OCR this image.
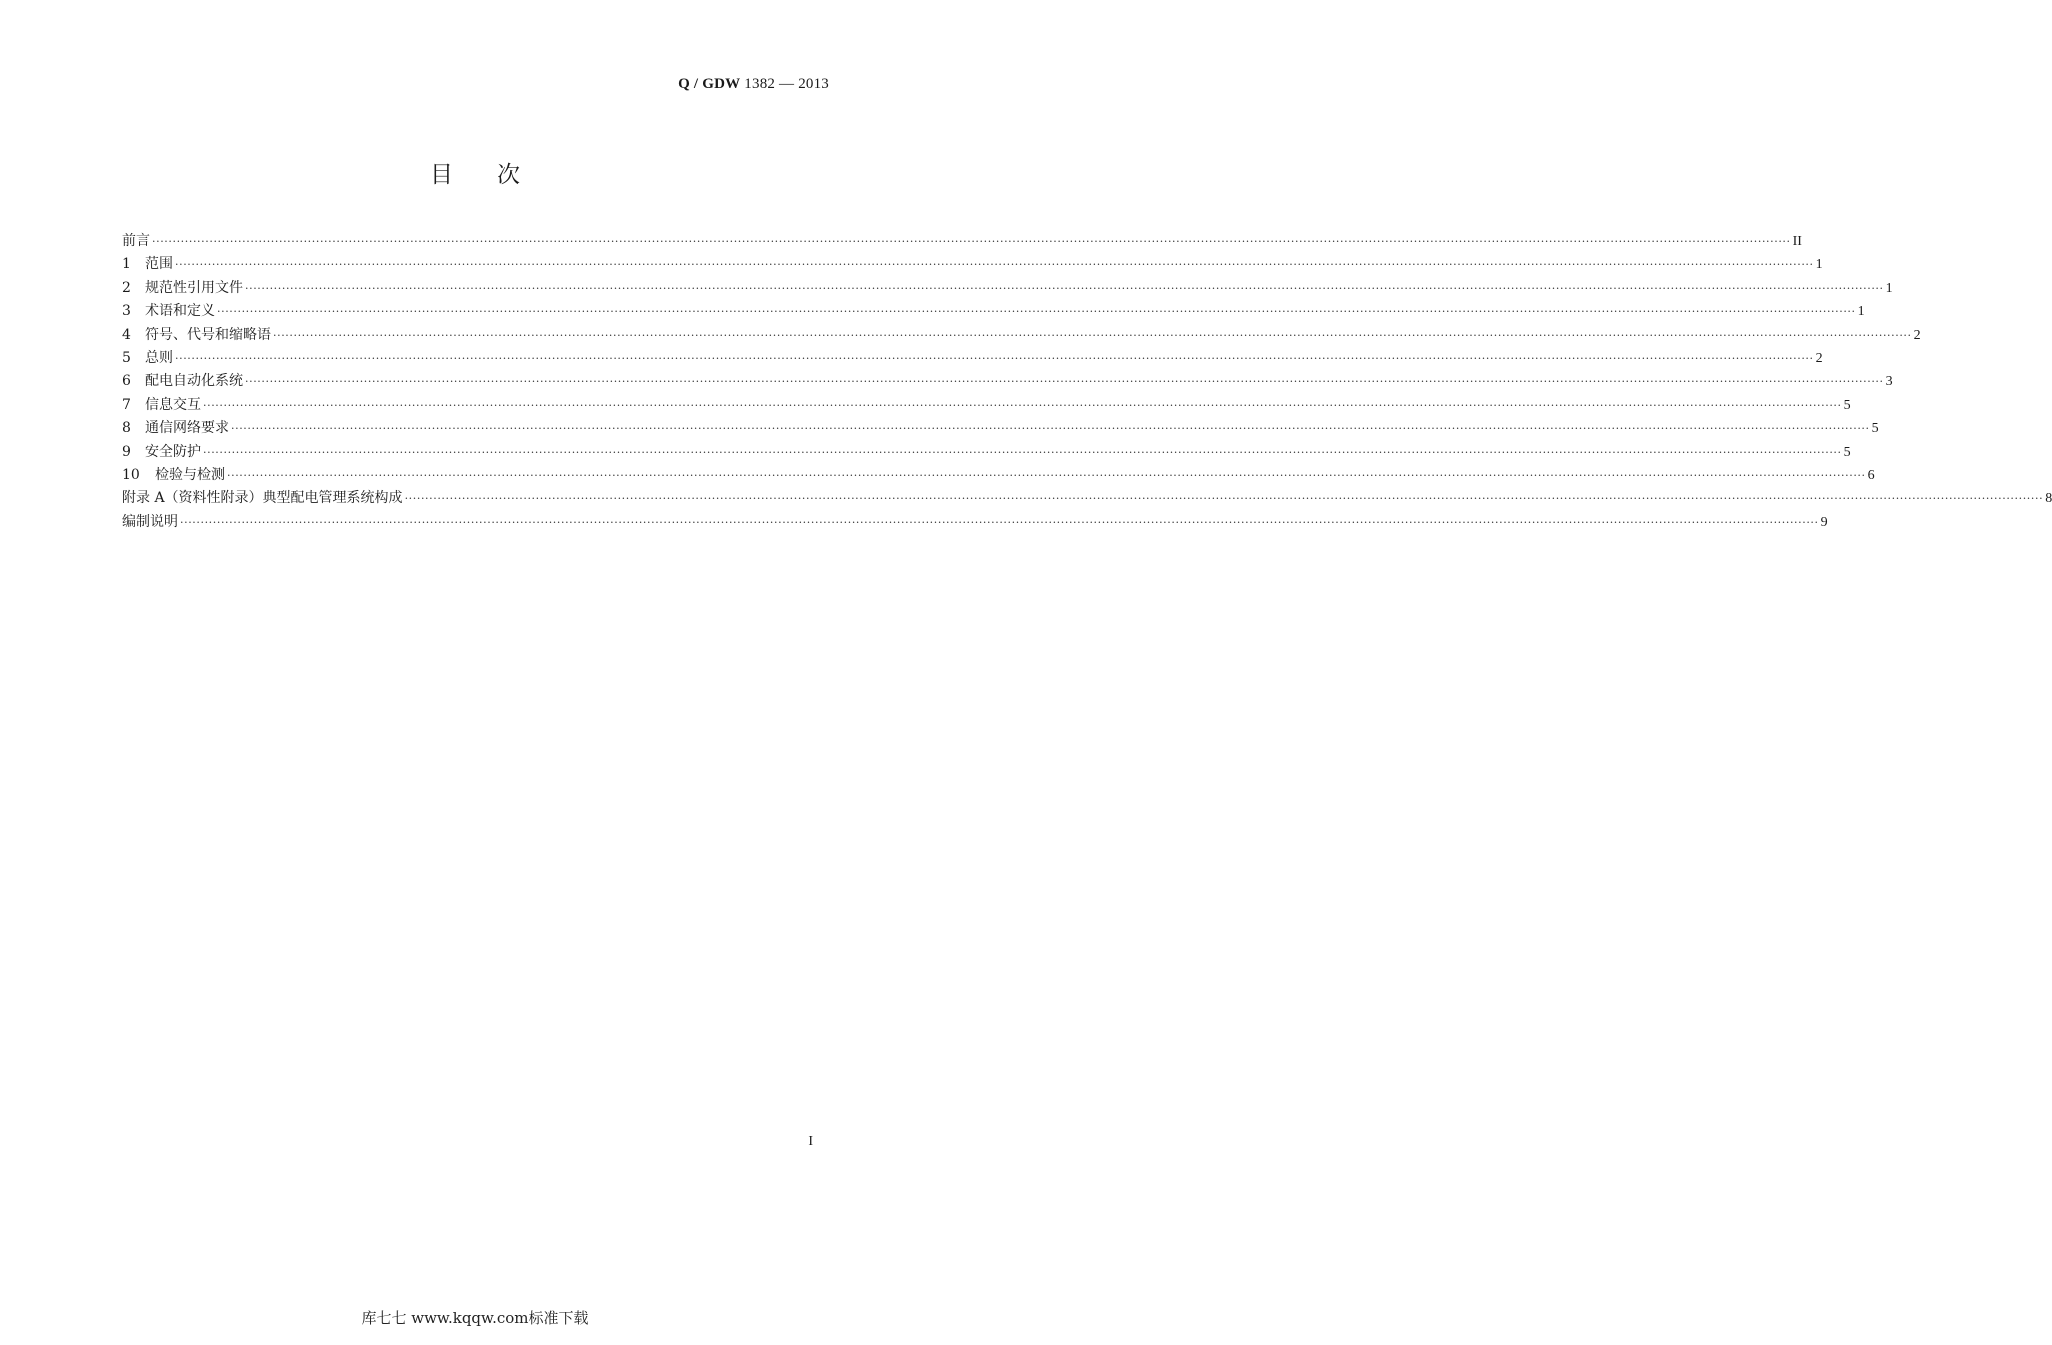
Q / GDW 1382 — 2013
目次
前言 ················································································································································································································································································································································································································ II
1	范围 ················································································································································································································································································································································································································ 1
2	规范性引用文件 ················································································································································································································································································································································································································ 1
3	术语和定义 ················································································································································································································································································································································································································ 1
4	符号、代号和缩略语 ················································································································································································································································································································································································································ 2
5	总则 ················································································································································································································································································································································································································ 2
6	配电自动化系统 ················································································································································································································································································································································································································ 3
7	信息交互 ················································································································································································································································································································································································································ 5
8	通信网络要求 ················································································································································································································································································································································································································ 5
9	安全防护 ················································································································································································································································································································································································································ 5
10	检验与检测 ················································································································································································································································································································································································································ 6
附录 A（资料性附录）典型配电管理系统构成 ················································································································································································································································································································································································································ 8
编制说明 ················································································································································································································································································································································································································ 9
I
库七七 www.kqqw.com标准下载
